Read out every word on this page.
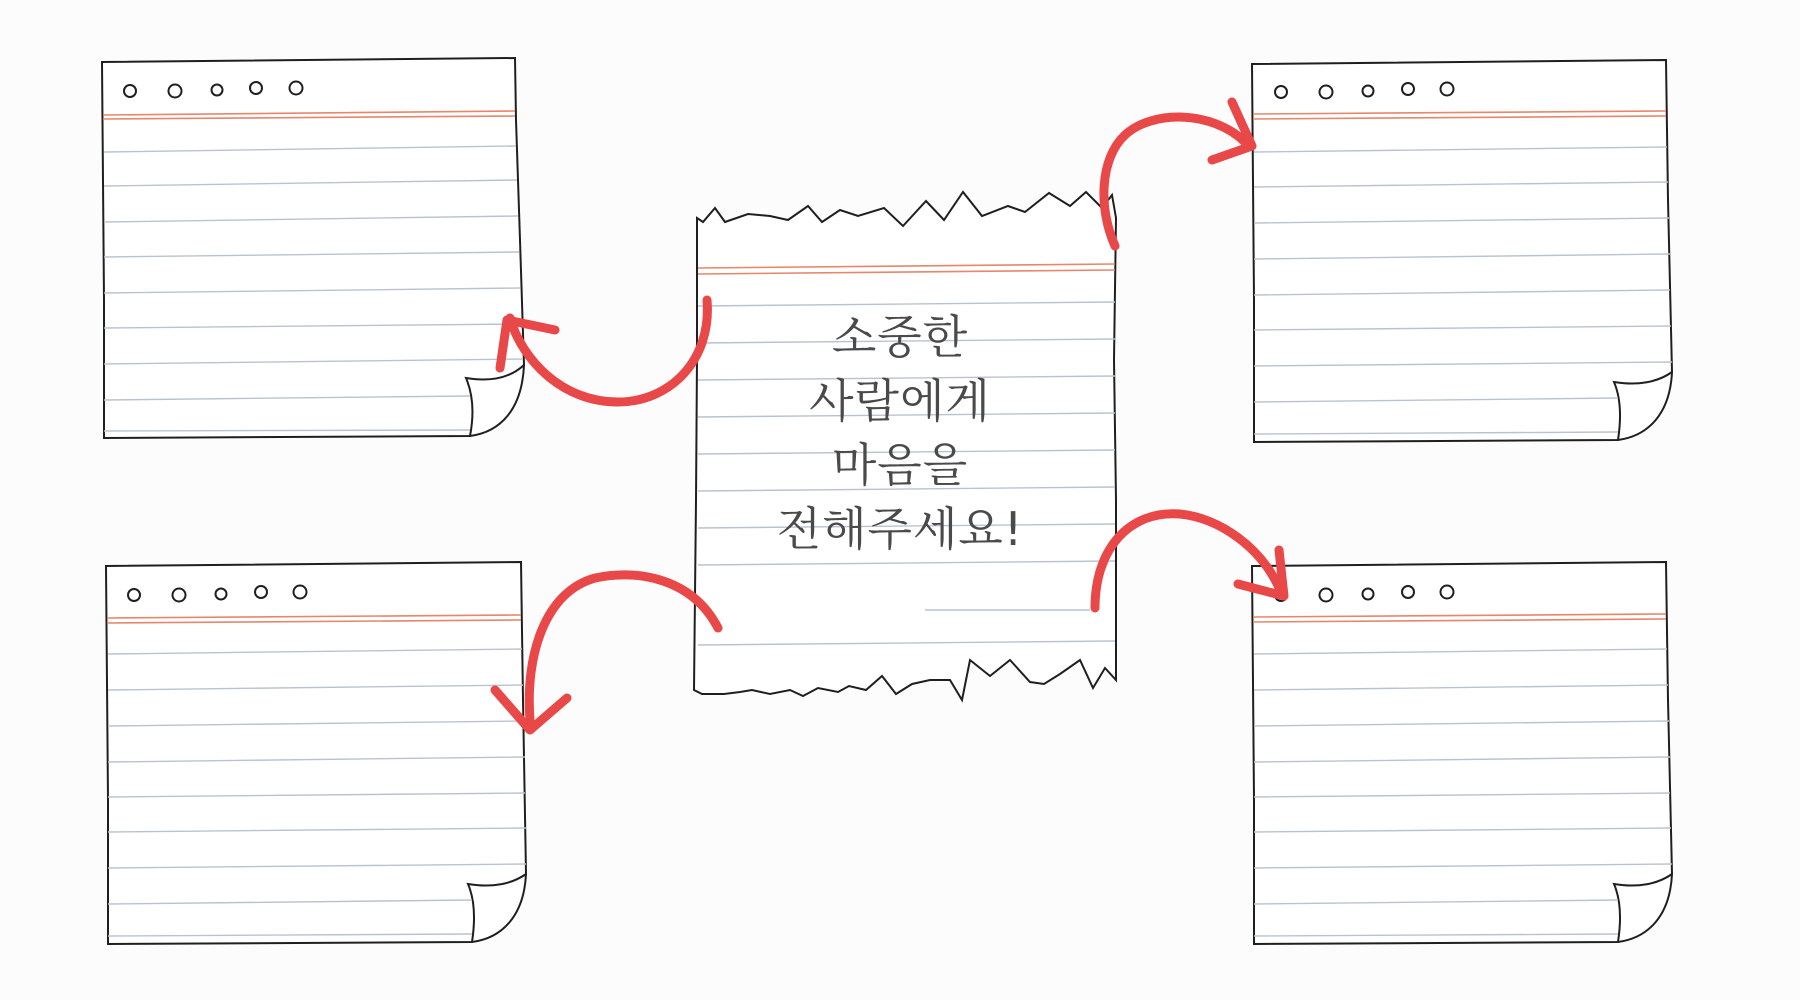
소중한
사람에게
마음을
전해주세요!
